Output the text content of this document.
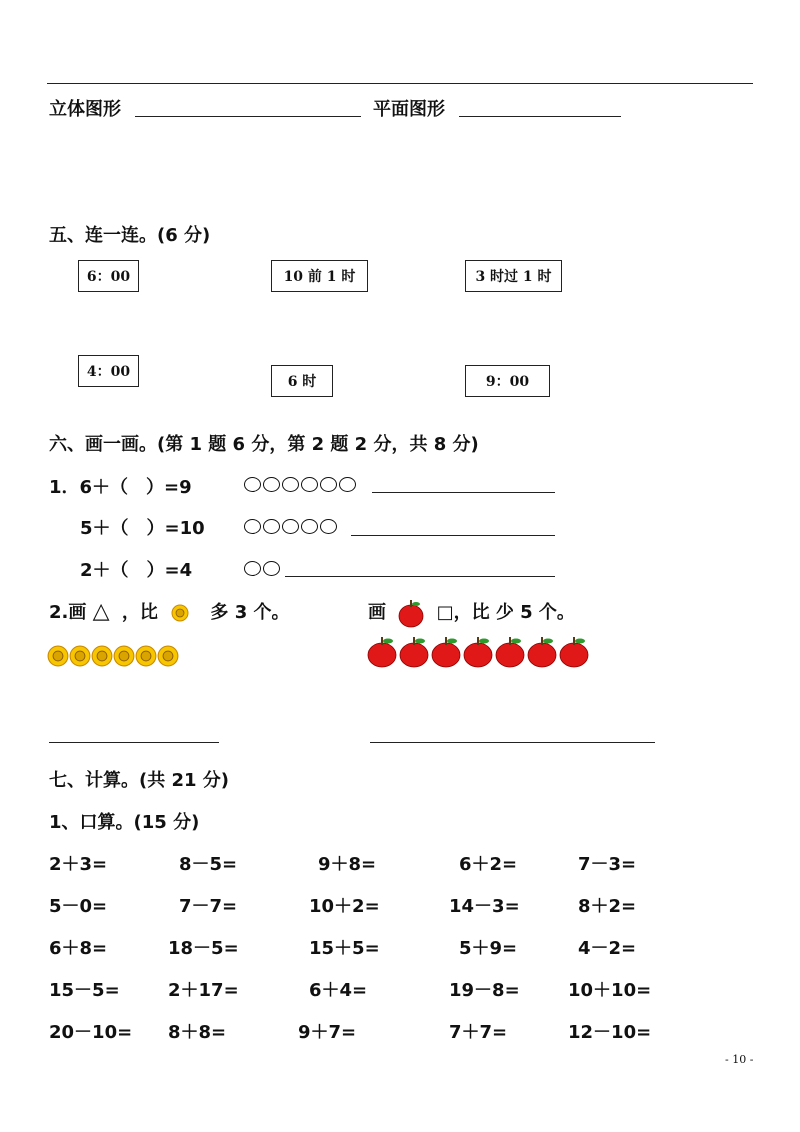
立体图形	平面图形
五、连一连。(6 分)
6：00	10 前 1 时	3 时过 1 时
4：00
6 时	9：00
六、画一画。(第 1 题 6 分，第 2 题 2 分，共 8 分)
1．6＋（　）=9
5＋（　）=10
2＋（　）=4
2.画 △ ，比	多 3 个。	画	□，比 少 5 个。
七、计算。(共 21 分)
1、口算。(15 分)
2＋3=	8－5=	9＋8=	6＋2=	7－3=
5－0=	7－7=	10＋2=	14－3=	8＋2=
6＋8=	18－5=	15＋5=	5＋9=	4－2=
15－5=	2＋17=	6＋4=	19－8=	10＋10=
20－10= 8＋8=	9＋7=	7＋7=	12－10=
- 10 -
